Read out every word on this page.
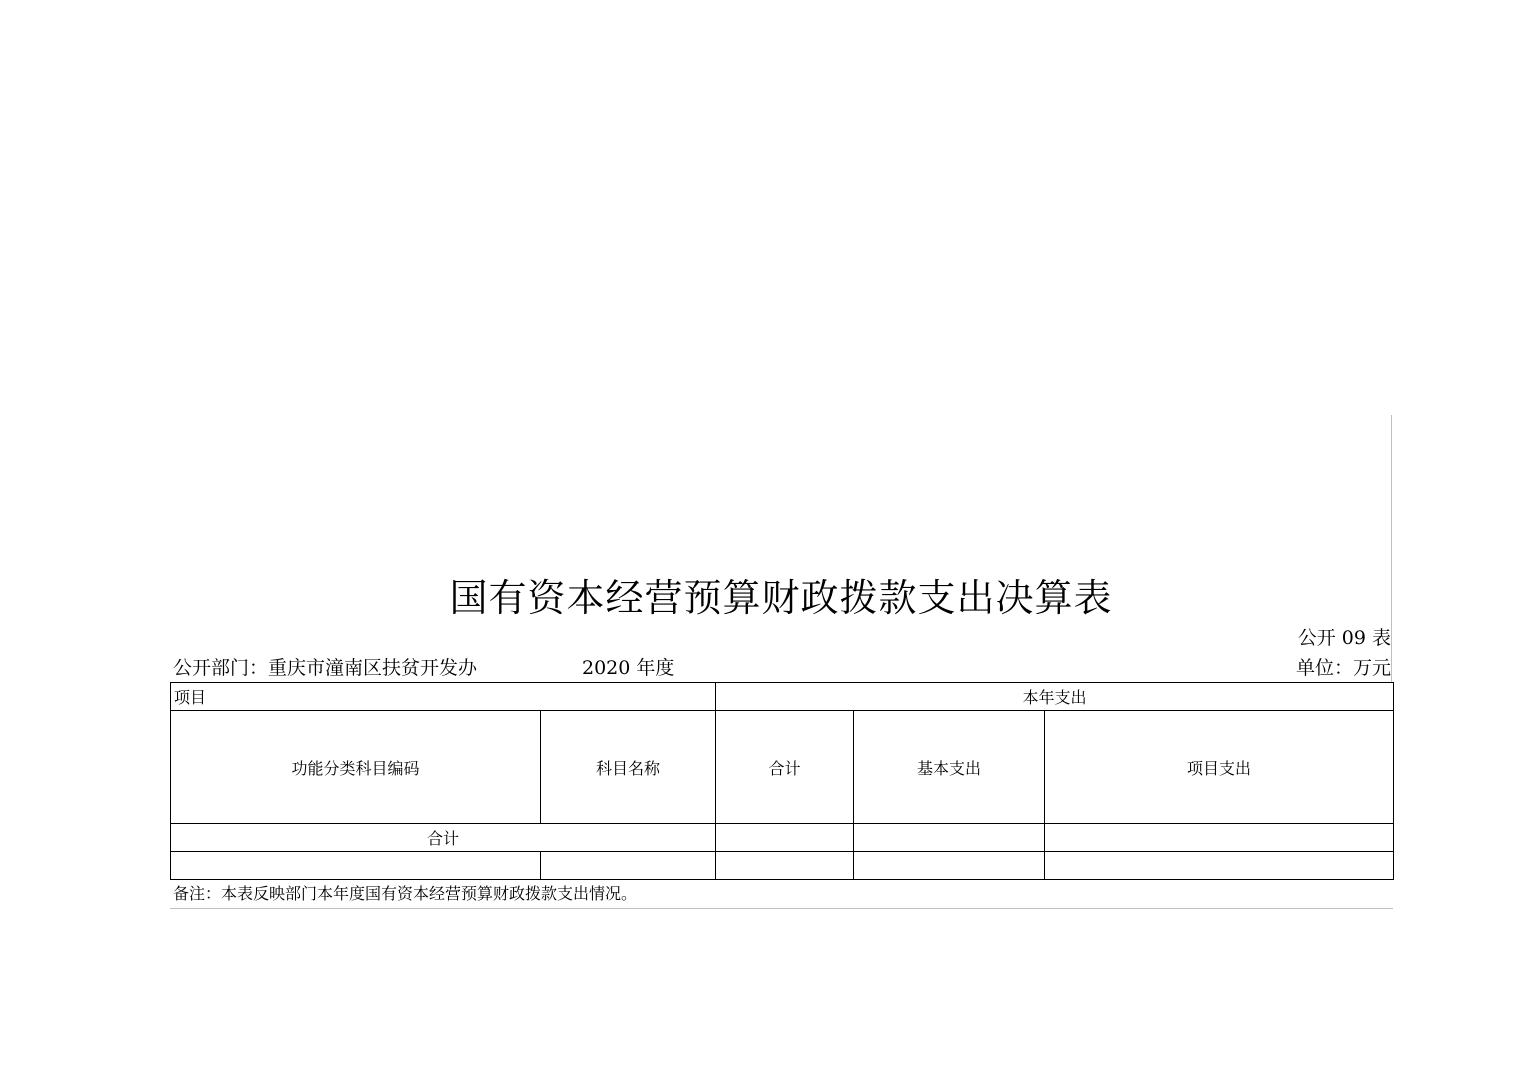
国有资本经营预算财政拨款支出决算表
公开 09 表
公开部门：重庆市潼南区扶贫开发办	2020 年度	单位：万元
项目		本年支出		
功能分类科目编码	科目名称	合计	基本支出	项目支出
合计				

备注：本表反映部门本年度国有资本经营预算财政拨款支出情况。
